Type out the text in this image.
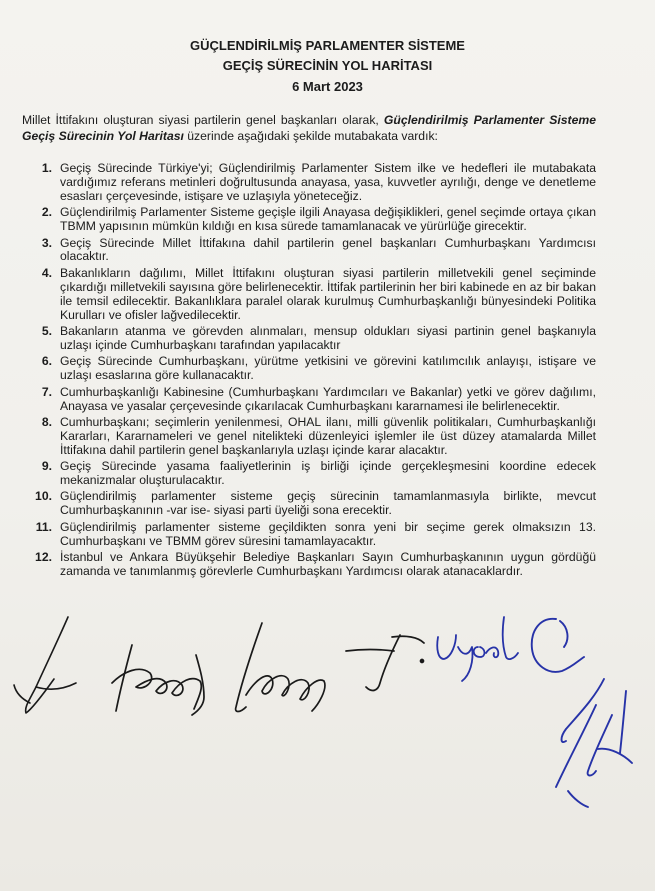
GÜÇLENDİRİLMİŞ PARLAMENTER SİSTEME
GEÇİŞ SÜRECİNİN YOL HARİTASI
6 Mart 2023
Millet İttifakını oluşturan siyasi partilerin genel başkanları olarak, Güçlendirilmiş Parlamenter Sisteme Geçiş Sürecinin Yol Haritası üzerinde aşağıdaki şekilde mutabakata vardık:
1. Geçiş Sürecinde Türkiye'yi; Güçlendirilmiş Parlamenter Sistem ilke ve hedefleri ile mutabakata vardığımız referans metinleri doğrultusunda anayasa, yasa, kuvvetler ayrılığı, denge ve denetleme esasları çerçevesinde, istişare ve uzlaşıyla yöneteceğiz.
2. Güçlendirilmiş Parlamenter Sisteme geçişle ilgili Anayasa değişiklikleri, genel seçimde ortaya çıkan TBMM yapısının mümkün kıldığı en kısa sürede tamamlanacak ve yürürlüğe girecektir.
3. Geçiş Sürecinde Millet İttifakına dahil partilerin genel başkanları Cumhurbaşkanı Yardımcısı olacaktır.
4. Bakanlıkların dağılımı, Millet İttifakını oluşturan siyasi partilerin milletvekili genel seçiminde çıkardığı milletvekili sayısına göre belirlenecektir. İttifak partilerinin her biri kabinede en az bir bakan ile temsil edilecektir. Bakanlıklara paralel olarak kurulmuş Cumhurbaşkanlığı bünyesindeki Politika Kurulları ve ofisler lağvedilecektir.
5. Bakanların atanma ve görevden alınmaları, mensup oldukları siyasi partinin genel başkanıyla uzlaşı içinde Cumhurbaşkanı tarafından yapılacaktır
6. Geçiş Sürecinde Cumhurbaşkanı, yürütme yetkisini ve görevini katılımcılık anlayışı, istişare ve uzlaşı esaslarına göre kullanacaktır.
7. Cumhurbaşkanlığı Kabinesine (Cumhurbaşkanı Yardımcıları ve Bakanlar) yetki ve görev dağılımı, Anayasa ve yasalar çerçevesinde çıkarılacak Cumhurbaşkanı kararnamesi ile belirlenecektir.
8. Cumhurbaşkanı; seçimlerin yenilenmesi, OHAL ilanı, milli güvenlik politikaları, Cumhurbaşkanlığı Kararları, Kararnameleri ve genel nitelikteki düzenleyici işlemler ile üst düzey atamalarda Millet İttifakına dahil partilerin genel başkanlarıyla uzlaşı içinde karar alacaktır.
9. Geçiş Sürecinde yasama faaliyetlerinin iş birliği içinde gerçekleşmesini koordine edecek mekanizmalar oluşturulacaktır.
10. Güçlendirilmiş parlamenter sisteme geçiş sürecinin tamamlanmasıyla birlikte, mevcut Cumhurbaşkanının -var ise- siyasi parti üyeliği sona erecektir.
11. Güçlendirilmiş parlamenter sisteme geçildikten sonra yeni bir seçime gerek olmaksızın 13. Cumhurbaşkanı ve TBMM görev süresini tamamlayacaktır.
12. İstanbul ve Ankara Büyükşehir Belediye Başkanları Sayın Cumhurbaşkanının uygun gördüğü zamanda ve tanımlanmış görevlerle Cumhurbaşkanı Yardımcısı olarak atanacaklardır.
